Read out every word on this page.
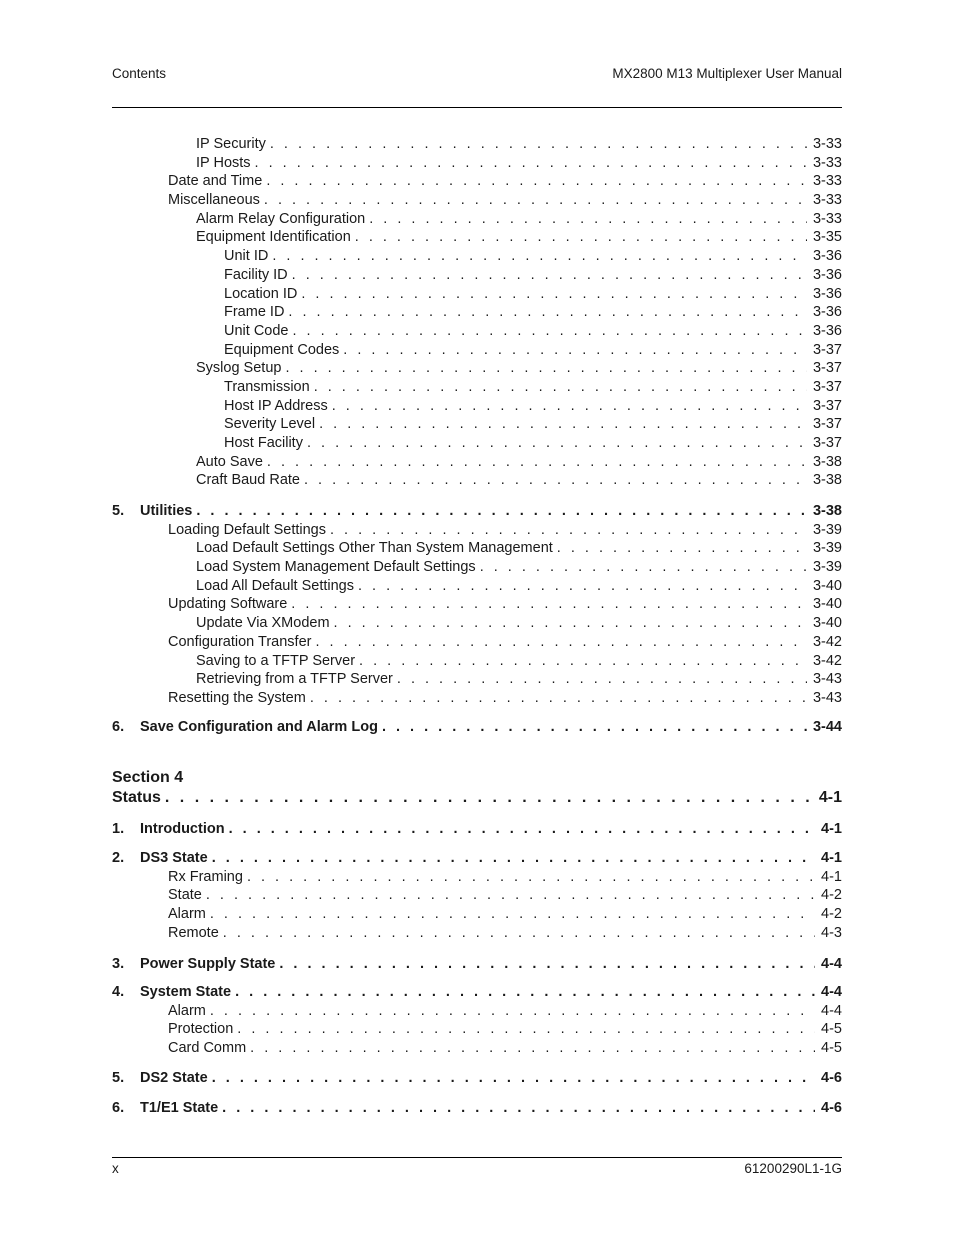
Contents	MX2800 M13 Multiplexer User Manual
IP Security . . .	3-33
IP Hosts . . .	3-33
Date and Time . . .	3-33
Miscellaneous . . .	3-33
Alarm Relay Configuration . . .	3-33
Equipment Identification . . .	3-35
Unit ID . . .	3-36
Facility ID . . .	3-36
Location ID . . .	3-36
Frame ID . . .	3-36
Unit Code . . .	3-36
Equipment Codes . . .	3-37
Syslog Setup . . .	3-37
Transmission . . .	3-37
Host IP Address . . .	3-37
Severity Level . . .	3-37
Host Facility . . .	3-37
Auto Save . . .	3-38
Craft Baud Rate . . .	3-38
5.	Utilities . . .	3-38
Loading Default Settings . . .	3-39
Load Default Settings Other Than System Management . . .	3-39
Load System Management Default Settings . . .	3-39
Load All Default Settings . . .	3-40
Updating Software . . .	3-40
Update Via XModem . . .	3-40
Configuration Transfer . . .	3-42
Saving to a TFTP Server . . .	3-42
Retrieving from a TFTP Server . . .	3-43
Resetting the System . . .	3-43
6.	Save Configuration and Alarm Log . . .	3-44
Section 4
Status . . .	4-1
1.	Introduction . . .	4-1
2.	DS3 State . . .	4-1
Rx Framing . . .	4-1
State . . .	4-2
Alarm . . .	4-2
Remote . . .	4-3
3.	Power Supply State . . .	4-4
4.	System State . . .	4-4
Alarm . . .	4-4
Protection . . .	4-5
Card Comm . . .	4-5
5.	DS2 State . . .	4-6
6.	T1/E1 State . . .	4-6
x	61200290L1-1G
